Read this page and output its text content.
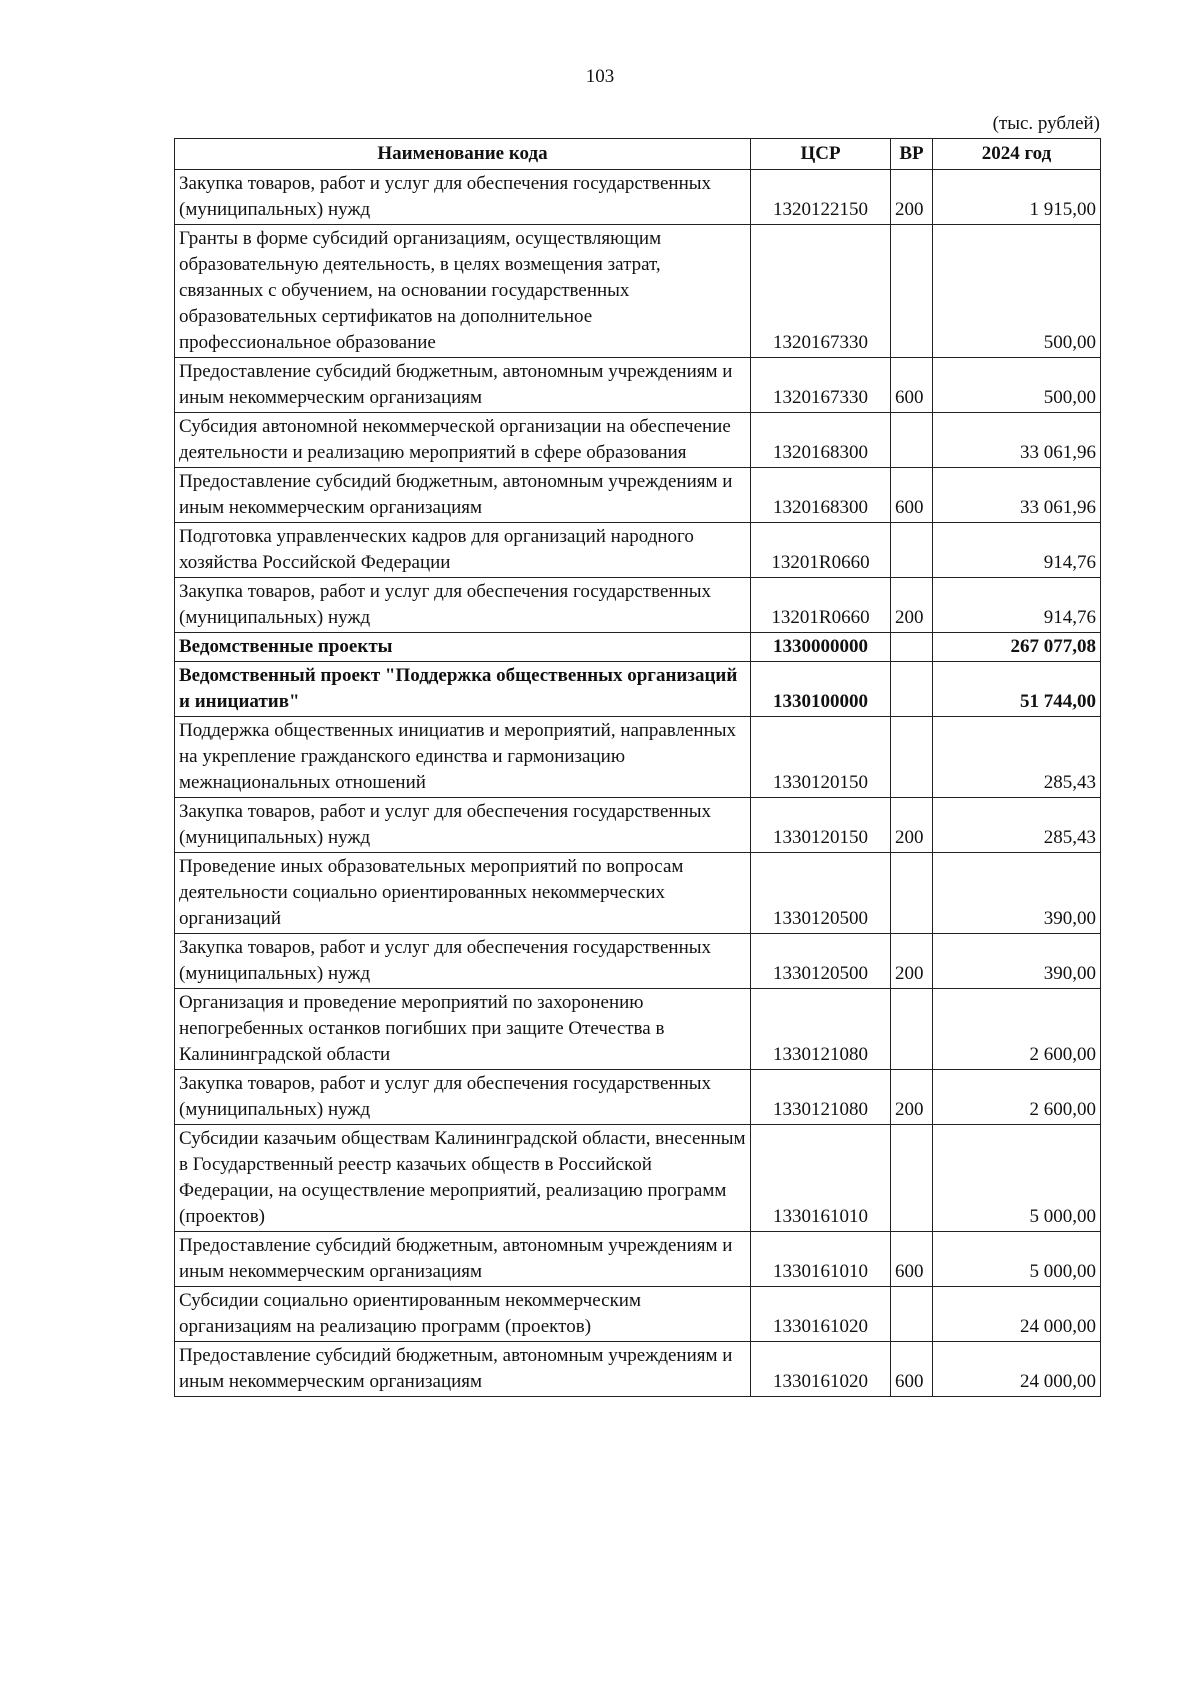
103
(тыс. рублей)
Наименование кода	ЦСР	ВР	2024 год
Закупка товаров, работ и услуг для обеспечения государственных (муниципальных) нужд	1320122150	200	1 915,00
Гранты в форме субсидий организациям, осуществляющим образовательную деятельность, в целях возмещения затрат, связанных с обучением, на основании государственных образовательных сертификатов на дополнительное профессиональное образование	1320167330		500,00
Предоставление субсидий бюджетным, автономным учреждениям и иным некоммерческим организациям	1320167330	600	500,00
Субсидия автономной некоммерческой организации на обеспечение деятельности и реализацию мероприятий в сфере образования	1320168300		33 061,96
Предоставление субсидий бюджетным, автономным учреждениям и иным некоммерческим организациям	1320168300	600	33 061,96
Подготовка управленческих кадров для организаций народного хозяйства Российской Федерации	13201R0660		914,76
Закупка товаров, работ и услуг для обеспечения государственных (муниципальных) нужд	13201R0660	200	914,76
Ведомственные проекты	1330000000		267 077,08
Ведомственный проект "Поддержка общественных организаций и инициатив"	1330100000		51 744,00
Поддержка общественных инициатив и мероприятий, направленных на укрепление гражданского единства и гармонизацию межнациональных отношений	1330120150		285,43
Закупка товаров, работ и услуг для обеспечения государственных (муниципальных) нужд	1330120150	200	285,43
Проведение иных образовательных мероприятий по вопросам деятельности социально ориентированных некоммерческих организаций	1330120500		390,00
Закупка товаров, работ и услуг для обеспечения государственных (муниципальных) нужд	1330120500	200	390,00
Организация и проведение мероприятий по захоронению непогребенных останков погибших при защите Отечества в Калининградской области	1330121080		2 600,00
Закупка товаров, работ и услуг для обеспечения государственных (муниципальных) нужд	1330121080	200	2 600,00
Субсидии казачьим обществам Калининградской области, внесенным в Государственный реестр казачьих обществ в Российской Федерации, на осуществление мероприятий, реализацию программ (проектов)	1330161010		5 000,00
Предоставление субсидий бюджетным, автономным учреждениям и иным некоммерческим организациям	1330161010	600	5 000,00
Субсидии социально ориентированным некоммерческим организациям на реализацию программ (проектов)	1330161020		24 000,00
Предоставление субсидий бюджетным, автономным учреждениям и иным некоммерческим организациям	1330161020	600	24 000,00
